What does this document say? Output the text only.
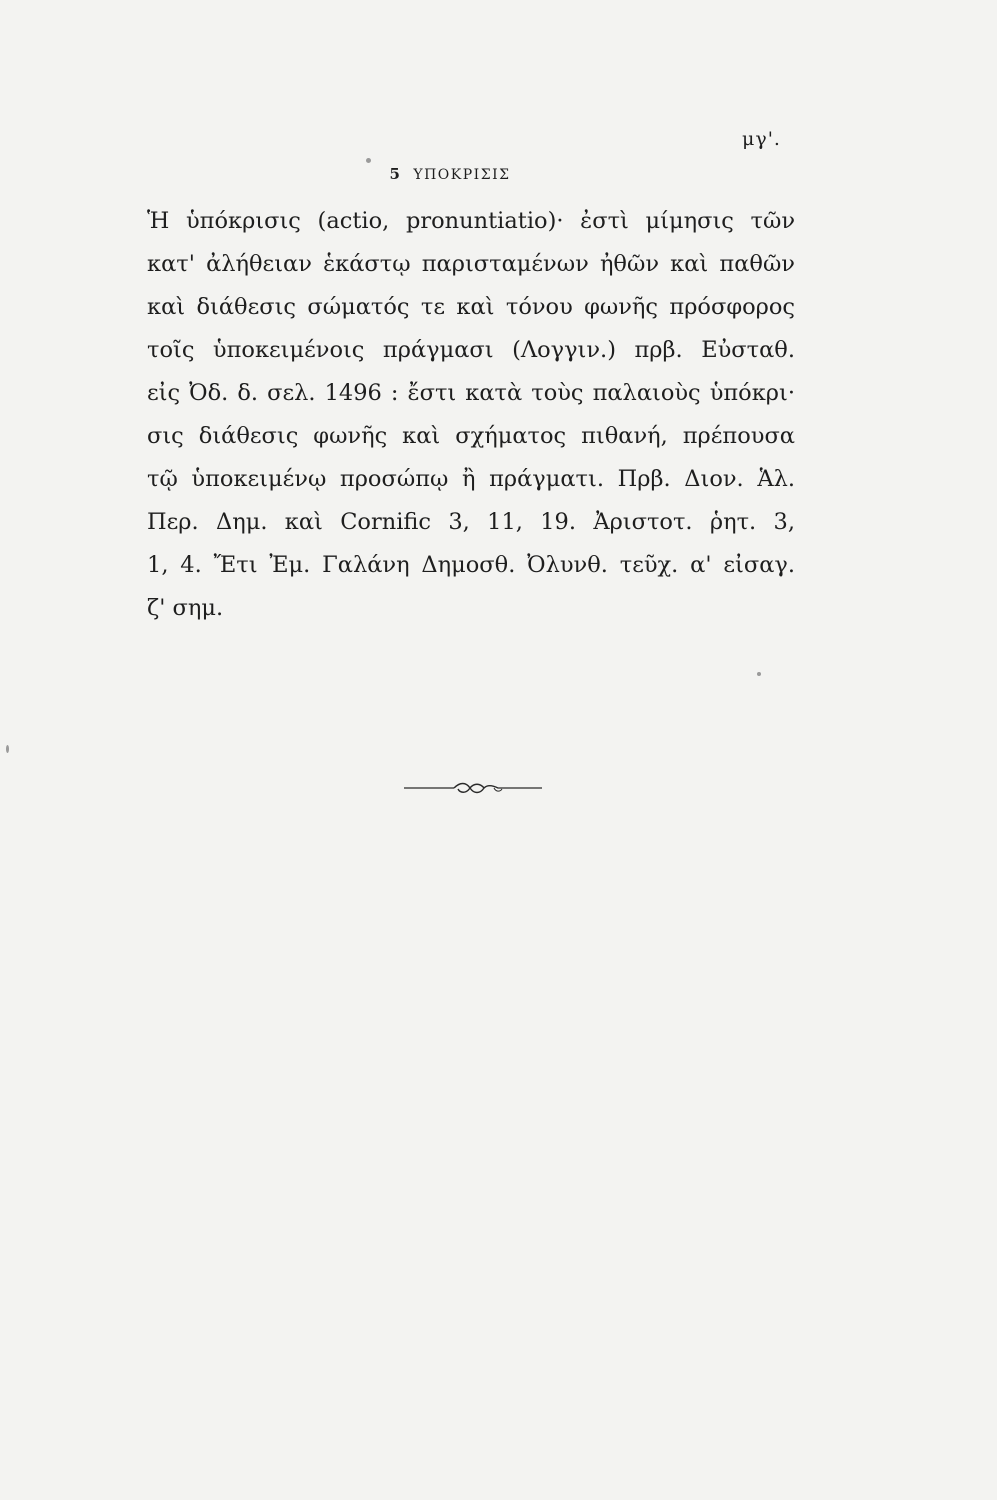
μγ'.
5 ΥΠΟΚΡΙΣΙΣ
Ἡ ὑπόκρισις (actio, pronuntiatio)· ἐστὶ μίμησις τῶν
κατ' ἀλήθειαν ἑκάστῳ παρισταμένων ἠθῶν καὶ παθῶν
καὶ διάθεσις σώματός τε καὶ τόνου φωνῆς πρόσφορος
τοῖς ὑποκειμένοις πράγμασι (Λογγιν.) πρβ. Εὐσταθ.
εἰς Ὀδ. δ. σελ. 1496 : ἔστι κατὰ τοὺς παλαιοὺς ὑπόκρι·
σις διάθεσις φωνῆς καὶ σχήματος πιθανή, πρέπουσα
τῷ ὑποκειμένῳ προσώπῳ ἢ πράγματι. Πρβ. Διον. Ἁλ.
Περ. Δημ. καὶ Cornific 3, 11, 19. Ἀριστοτ. ῥητ. 3,
1, 4. Ἔτι Ἐμ. Γαλάνη Δημοσθ. Ὀλυνθ. τεῦχ. α' εἰσαγ.
ζ' σημ.
